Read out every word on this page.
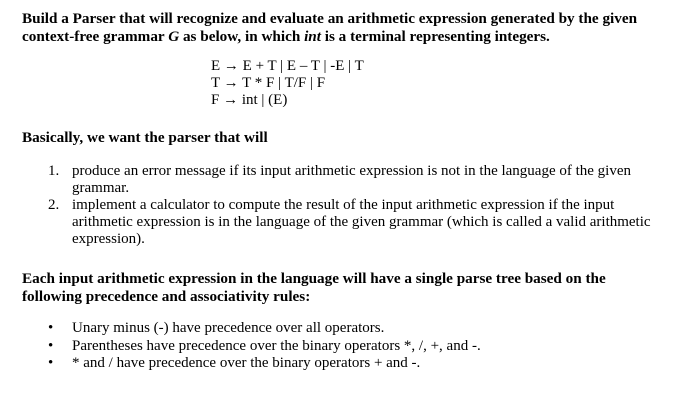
Build a Parser that will recognize and evaluate an arithmetic expression generated by the given context-free grammar G as below, in which int is a terminal representing integers.

E → E + T | E – T | -E | T
T → T * F | T/F | F
F → int | (E)

Basically, we want the parser that will

1. produce an error message if its input arithmetic expression is not in the language of the given grammar.
2. implement a calculator to compute the result of the input arithmetic expression if the input arithmetic expression is in the language of the given grammar (which is called a valid arithmetic expression).

Each input arithmetic expression in the language will have a single parse tree based on the following precedence and associativity rules:

• Unary minus (-) have precedence over all operators.
• Parentheses have precedence over the binary operators *, /, +, and -.
• * and / have precedence over the binary operators + and -.
